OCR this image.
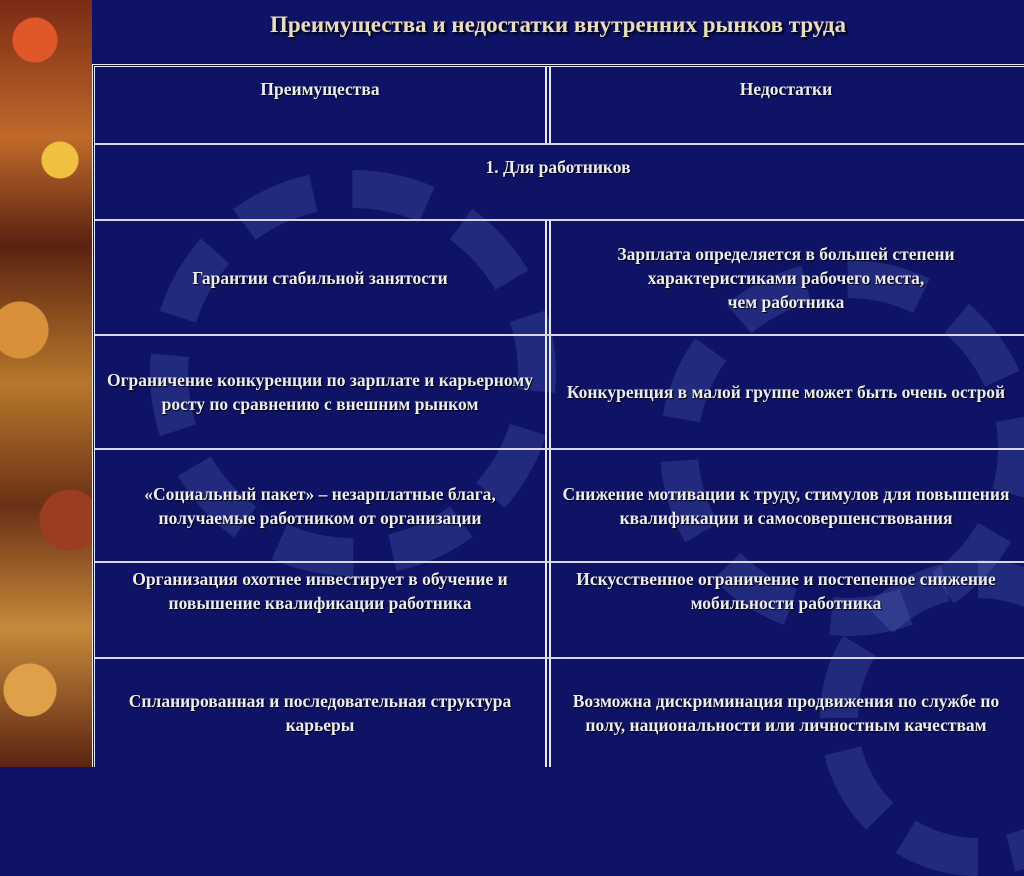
Преимущества и недостатки внутренних рынков труда
Преимущества	Недостатки
1. Для работников
Гарантии стабильной занятости
Зарплата определяется в большей степени характеристиками рабочего места,
чем работника
Ограничение конкуренции по зарплате и карьерному росту по сравнению с внешним рынком
Конкуренция в малой группе может быть очень острой
«Социальный пакет» – незарплатные блага, получаемые работником от организации
Снижение мотивации к труду, стимулов для повышения квалификации и самосовершенствования
Организация охотнее инвестирует в обучение и повышение квалификации работника
Искусственное ограничение и постепенное снижение мобильности работника
Спланированная и последовательная структура карьеры
Возможна дискриминация продвижения по службе по полу, национальности или личностным качествам
